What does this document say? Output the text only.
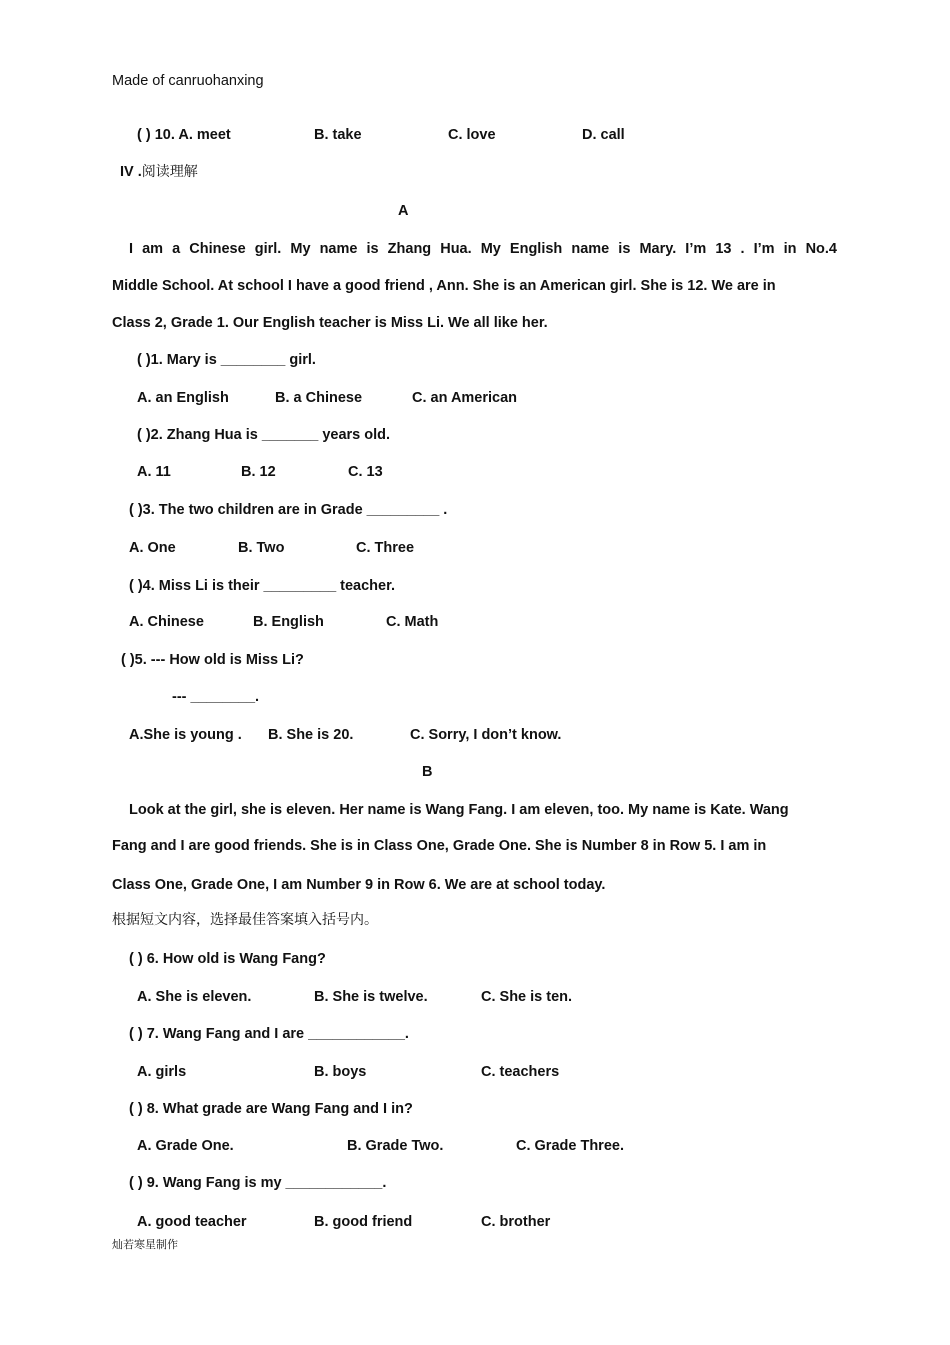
Made of canruohanxing
( ) 10. A. meet	B. take	C. love	D. call
IV .阅读理解
A
I am a Chinese girl. My name is Zhang Hua. My English name is Mary. I’m 13 . I’m in No.4
Middle School. At school I have a good friend , Ann. She is an American girl. She is 12. We are in
Class 2, Grade 1. Our English teacher is Miss Li. We all like her.
( )1. Mary is ________ girl.
A. an English	B. a Chinese	C. an American
( )2. Zhang Hua is _______ years old.
A. 11	B. 12	C. 13
( )3. The two children are in Grade _________ .
A. One	B. Two	C. Three
( )4. Miss Li is their _________ teacher.
A. Chinese	B. English	C. Math
( )5. --- How old is Miss Li?
--- ________.
A.She is young . B. She is 20.	C. Sorry, I don’t know.
B
Look at the girl, she is eleven. Her name is Wang Fang. I am eleven, too. My name is Kate. Wang
Fang and I are good friends. She is in Class One, Grade One. She is Number 8 in Row 5. I am in
Class One, Grade One, I am Number 9 in Row 6. We are at school today.
根据短文内容，选择最佳答案填入括号内。
( ) 6. How old is Wang Fang?
A. She is eleven.	B. She is twelve.	C. She is ten.
( ) 7. Wang Fang and I are ____________.
A. girls	B. boys	C. teachers
( ) 8. What grade are Wang Fang and I in?
A. Grade One.	B. Grade Two.	C. Grade Three.
( ) 9. Wang Fang is my ____________.
A. good teacher	B. good friend	C. brother
灿若寒星制作
